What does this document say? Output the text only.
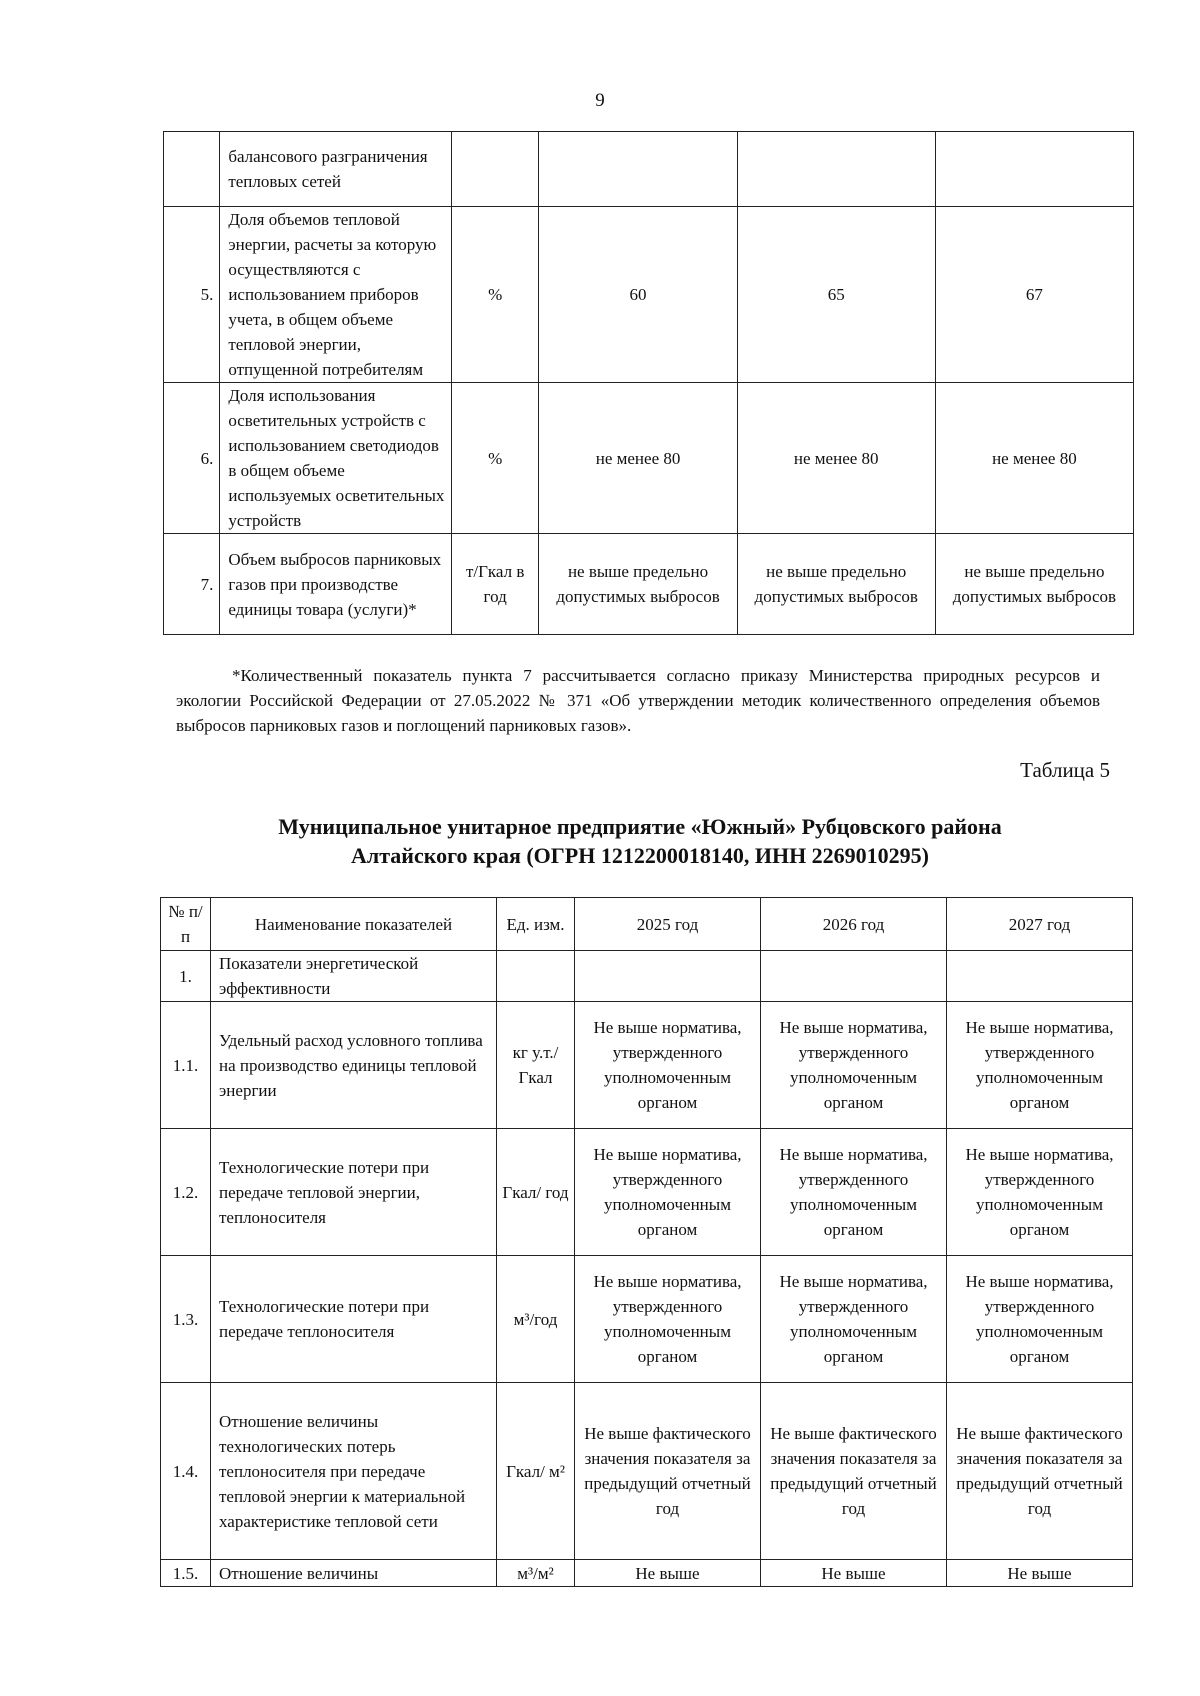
9
	балансового разграничения тепловых сетей				
5.	Доля объемов тепловой энергии, расчеты за которую осуществляются с использованием приборов учета, в общем объеме тепловой энергии, отпущенной потребителям	%	60	65	67
6.	Доля использования осветительных устройств с использованием светодиодов в общем объеме используемых осветительных устройств	%	не менее 80	не менее 80	не менее 80
7.	Объем выбросов парниковых газов при производстве единицы товара (услуги)*	т/Гкал в год	не выше предельно допустимых выбросов	не выше предельно допустимых выбросов	не выше предельно допустимых выбросов
*Количественный показатель пункта 7 рассчитывается согласно приказу Министерства природных ресурсов и экологии Российской Федерации от 27.05.2022 № 371 «Об утверждении методик количественного определения объемов выбросов парниковых газов и поглощений парниковых газов».
Таблица 5
Муниципальное унитарное предприятие «Южный» Рубцовского района
Алтайского края (ОГРН 1212200018140, ИНН 2269010295)
№ п/п	Наименование показателей	Ед. изм.	2025 год	2026 год	2027 год
1.	Показатели энергетической эффективности				
1.1.	Удельный расход условного топлива на производство единицы тепловой энергии	кг у.т./ Гкал	Не выше норматива, утвержденного уполномоченным органом	Не выше норматива, утвержденного уполномоченным органом	Не выше норматива, утвержденного уполномоченным органом
1.2.	Технологические потери при передаче тепловой энергии, теплоносителя	Гкал/ год	Не выше норматива, утвержденного уполномоченным органом	Не выше норматива, утвержденного уполномоченным органом	Не выше норматива, утвержденного уполномоченным органом
1.3.	Технологические потери при передаче теплоносителя	м³/год	Не выше норматива, утвержденного уполномоченным органом	Не выше норматива, утвержденного уполномоченным органом	Не выше норматива, утвержденного уполномоченным органом
1.4.	Отношение величины технологических потерь теплоносителя при передаче тепловой энергии к материальной характеристике тепловой сети	Гкал/ м²	Не выше фактического значения показателя за предыдущий отчетный год	Не выше фактического значения показателя за предыдущий отчетный год	Не выше фактического значения показателя за предыдущий отчетный год
1.5.	Отношение величины	м³/м²	Не выше	Не выше	Не выше
